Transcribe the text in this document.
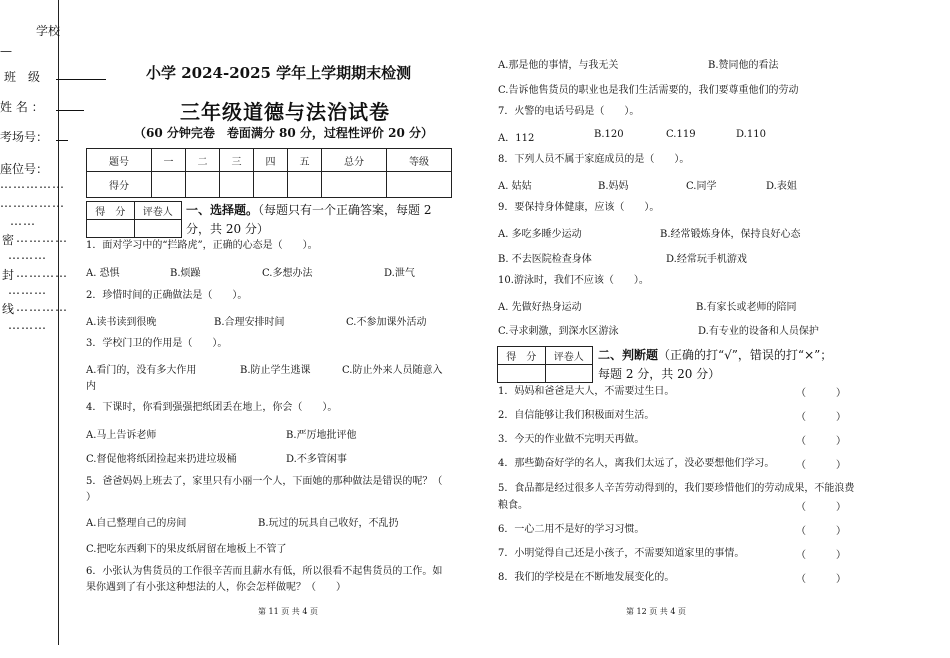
学校
—
班　级
姓 名 ：
考场号：
座位号：
……………
……………
……
密 …………
………
封 …………
………
线 …………
………
小学 2024-2025 学年上学期期末检测
三年级道德与法治试卷
（60 分钟完卷　卷面满分 80 分，过程性评价 20 分）
题号	一	二	三	四	五	总分	等级
得分							
得　分	评卷人
	一、选择题。（每题只有一个正确答案，每题 2
分，共 20 分）
1．面对学习中的“拦路虎”，正确的心态是（　　）。
A. 恐惧	B.烦躁	C.多想办法	D.泄气
2．珍惜时间的正确做法是（　　）。
A.读书读到很晚	B.合理安排时间	C.不参加课外活动
3．学校门卫的作用是（　　）。
A.看门的，没有多大作用	B.防止学生逃课	C.防止外来人员随意入
内
4．下课时，你看到强强把纸团丢在地上，你会（　　）。
A.马上告诉老师	B.严厉地批评他
C.督促他将纸团捡起来扔进垃圾桶	D.不多管闲事
5．爸爸妈妈上班去了，家里只有小丽一个人，下面她的那种做法是错误的呢？（
）
A.自己整理自己的房间	B.玩过的玩具自己收好，不乱扔
C.把吃东西剩下的果皮纸屑留在地板上不管了
6．小张认为售货员的工作很辛苦而且薪水有低，所以很看不起售货员的工作。如
果你遇到了有小张这种想法的人，你会怎样做呢？（　　）
第 11 页 共 4 页
A.那是他的事情，与我无关	B.赞同他的看法
C.告诉他售货员的职业也是我们生活需要的，我们要尊重他们的劳动
7．火警的电话号码是（　　）。
A．112	B.120	C.119	D.110
8．下列人员不属于家庭成员的是（　　）。
A. 姑姑	B.妈妈	C.同学	D.表姐
9．要保持身体健康，应该（　　）。
A. 多吃多睡少运动	B.经常锻炼身体，保持良好心态
B. 不去医院检查身体	D.经常玩手机游戏
10.游泳时，我们不应该（　　）。
A. 先做好热身运动	B.有家长或老师的陪同
C.寻求刺激，到深水区游泳	D.有专业的设备和人员保护
得　分	评卷人
	二、判断题（正确的打“√”，错误的打“×”；
每题 2 分，共 20 分）
1．妈妈和爸爸是大人，不需要过生日。	（　　　）
2．自信能够让我们积极面对生活。	（　　　）
3．今天的作业做不完明天再做。	（　　　）
4．那些勤奋好学的名人，离我们太远了，没必要想他们学习。 （　　　）
5．食品都是经过很多人辛苦劳动得到的，我们要珍惜他们的劳动成果，不能浪费
粮食。	（　　　）
6．一心二用不是好的学习习惯。	（　　　）
7．小明觉得自己还是小孩子，不需要知道家里的事情。	（　　　）
8．我们的学校是在不断地发展变化的。	（　　　）
第 12 页 共 4 页
